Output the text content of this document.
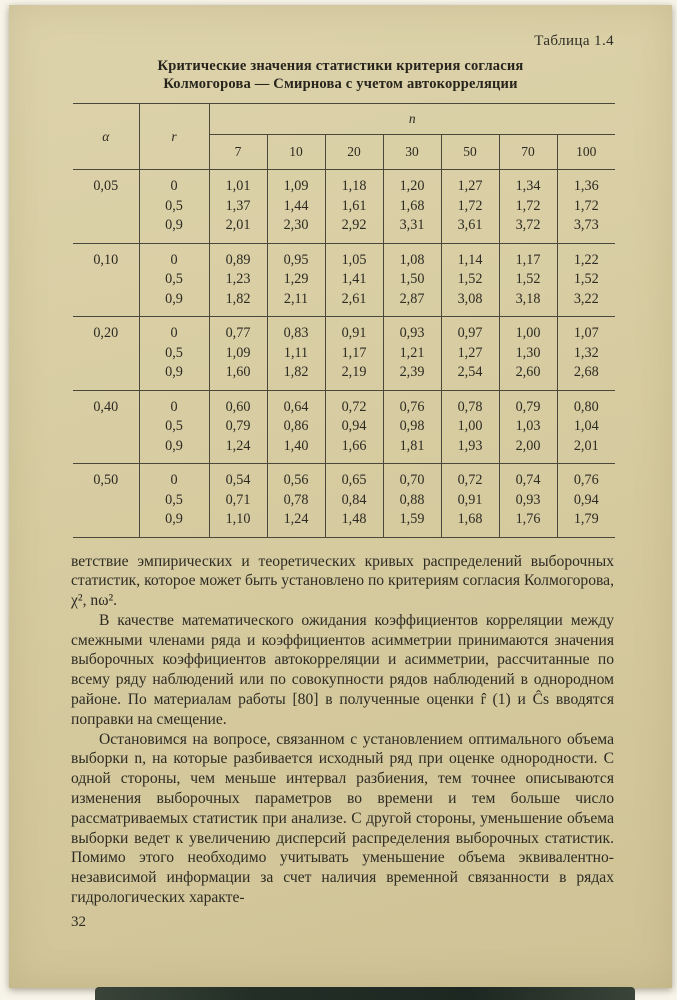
Таблица 1.4
Критические значения статистики критерия согласия
Колмогорова — Смирнова с учетом автокорреляции
α	r	n						
		7	10	20	30	50	70	100
0,05	0	1,01	1,09	1,18	1,20	1,27	1,34	1,36
	0,5	1,37	1,44	1,61	1,68	1,72	1,72	1,72
	0,9	2,01	2,30	2,92	3,31	3,61	3,72	3,73
0,10	0	0,89	0,95	1,05	1,08	1,14	1,17	1,22
	0,5	1,23	1,29	1,41	1,50	1,52	1,52	1,52
	0,9	1,82	2,11	2,61	2,87	3,08	3,18	3,22
0,20	0	0,77	0,83	0,91	0,93	0,97	1,00	1,07
	0,5	1,09	1,11	1,17	1,21	1,27	1,30	1,32
	0,9	1,60	1,82	2,19	2,39	2,54	2,60	2,68
0,40	0	0,60	0,64	0,72	0,76	0,78	0,79	0,80
	0,5	0,79	0,86	0,94	0,98	1,00	1,03	1,04
	0,9	1,24	1,40	1,66	1,81	1,93	2,00	2,01
0,50	0	0,54	0,56	0,65	0,70	0,72	0,74	0,76
	0,5	0,71	0,78	0,84	0,88	0,91	0,93	0,94
	0,9	1,10	1,24	1,48	1,59	1,68	1,76	1,79

ветствие эмпирических и теоретических кривых распределений выборочных статистик, которое может быть установлено по критериям согласия Колмогорова, χ², nω².

В качестве математического ожидания коэффициентов корреляции между смежными членами ряда и коэффициентов асимметрии принимаются значения выборочных коэффициентов автокорреляции и асимметрии, рассчитанные по всему ряду наблюдений или по совокупности рядов наблюдений в однородном районе. По материалам работы [80] в полученные оценки r̂ (1) и Ĉs вводятся поправки на смещение.

Остановимся на вопросе, связанном с установлением оптимального объема выборки n, на которые разбивается исходный ряд при оценке однородности. С одной стороны, чем меньше интервал разбиения, тем точнее описываются изменения выборочных параметров во времени и тем больше число рассматриваемых статистик при анализе. С другой стороны, уменьшение объема выборки ведет к увеличению дисперсий распределения выборочных статистик. Помимо этого необходимо учитывать уменьшение объема эквивалентно-независимой информации за счет наличия временной связанности в рядах гидрологических характе-

32
